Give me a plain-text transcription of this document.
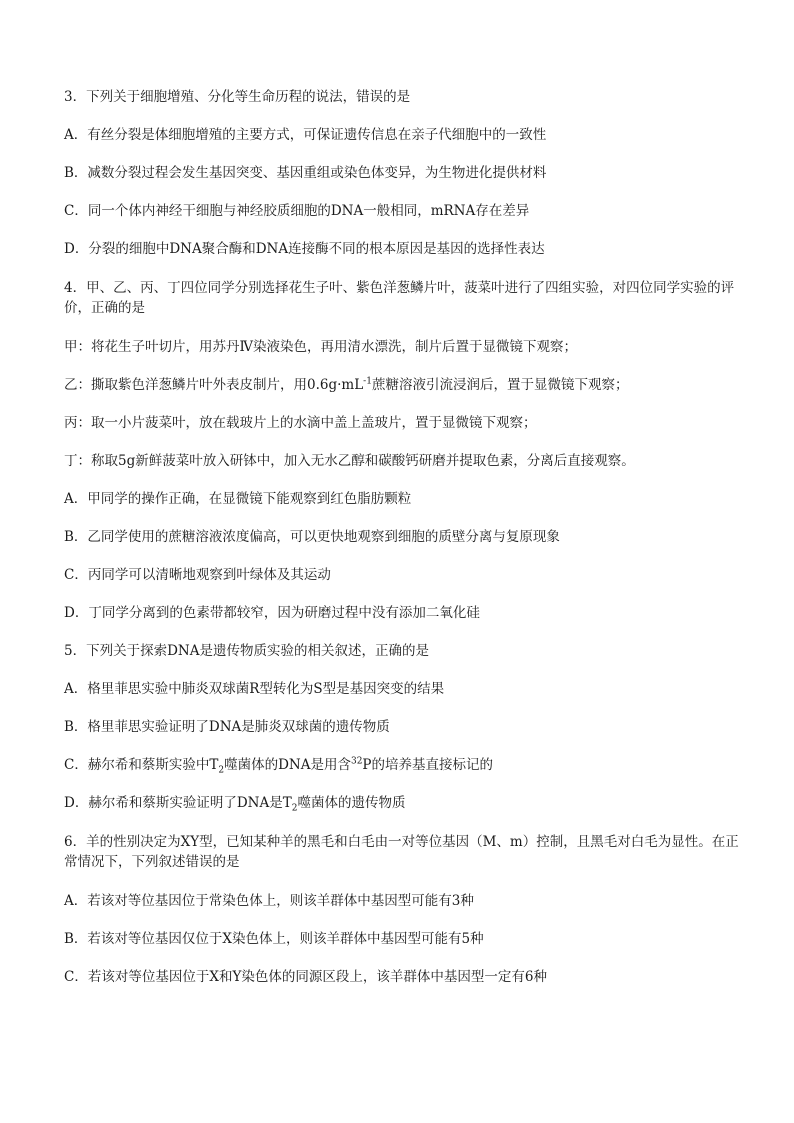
3．下列关于细胞增殖、分化等生命历程的说法，错误的是

A．有丝分裂是体细胞增殖的主要方式，可保证遗传信息在亲子代细胞中的一致性

B．减数分裂过程会发生基因突变、基因重组或染色体变异，为生物进化提供材料

C．同一个体内神经干细胞与神经胶质细胞的DNA一般相同，mRNA存在差异

D．分裂的细胞中DNA聚合酶和DNA连接酶不同的根本原因是基因的选择性表达

4．甲、乙、丙、丁四位同学分别选择花生子叶、紫色洋葱鳞片叶，菠菜叶进行了四组实验，对四位同学实验的评价，正确的是

甲：将花生子叶切片，用苏丹Ⅳ染液染色，再用清水漂洗，制片后置于显微镜下观察；

乙：撕取紫色洋葱鳞片叶外表皮制片，用$0.6g\cdot mL^{-1}$蔗糖溶液引流浸润后，置于显微镜下观察；

丙：取一小片菠菜叶，放在载玻片上的水滴中盖上盖玻片，置于显微镜下观察；

丁：称取5g新鲜菠菜叶放入研钵中，加入无水乙醇和碳酸钙研磨并提取色素，分离后直接观察。

A．甲同学的操作正确，在显微镜下能观察到红色脂肪颗粒

B．乙同学使用的蔗糖溶液浓度偏高，可以更快地观察到细胞的质壁分离与复原现象

C．丙同学可以清晰地观察到叶绿体及其运动

D．丁同学分离到的色素带都较窄，因为研磨过程中没有添加二氧化硅

5．下列关于探索DNA是遗传物质实验的相关叙述，正确的是

A．格里菲思实验中肺炎双球菌R型转化为S型是基因突变的结果

B．格里菲思实验证明了DNA是肺炎双球菌的遗传物质

C．赫尔希和蔡斯实验中$T_2$噬菌体的DNA是用含$^{32}$P的培养基直接标记的

D．赫尔希和蔡斯实验证明了DNA是$T_2$噬菌体的遗传物质

6．羊的性别决定为XY型，已知某种羊的黑毛和白毛由一对等位基因（M、m）控制，且黑毛对白毛为显性。在正常情况下，下列叙述错误的是

A．若该对等位基因位于常染色体上，则该羊群体中基因型可能有3种

B．若该对等位基因仅位于X染色体上，则该羊群体中基因型可能有5种

C．若该对等位基因位于X和Y染色体的同源区段上，该羊群体中基因型一定有6种
